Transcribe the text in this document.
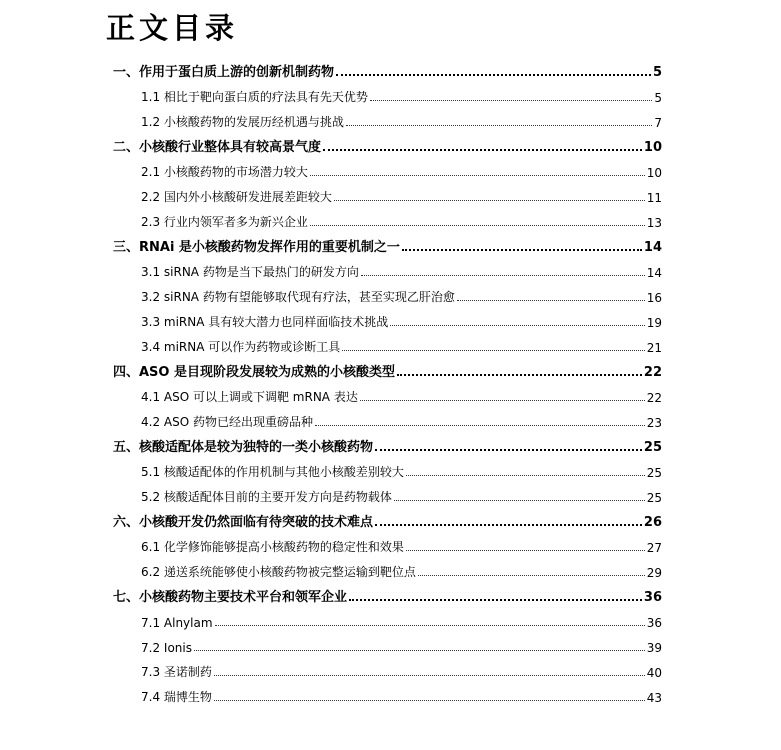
正文目录
一、作用于蛋白质上游的创新机制药物	5
1.1 相比于靶向蛋白质的疗法具有先天优势	5
1.2 小核酸药物的发展历经机遇与挑战	7
二、小核酸行业整体具有较高景气度	10
2.1 小核酸药物的市场潜力较大	10
2.2 国内外小核酸研发进展差距较大	11
2.3 行业内领军者多为新兴企业	13
三、RNAi 是小核酸药物发挥作用的重要机制之一	14
3.1 siRNA 药物是当下最热门的研发方向	14
3.2 siRNA 药物有望能够取代现有疗法，甚至实现乙肝治愈	16
3.3 miRNA 具有较大潜力也同样面临技术挑战	19
3.4 miRNA 可以作为药物或诊断工具	21
四、ASO 是目现阶段发展较为成熟的小核酸类型	22
4.1 ASO 可以上调或下调靶 mRNA 表达	22
4.2 ASO 药物已经出现重磅品种	23
五、核酸适配体是较为独特的一类小核酸药物	25
5.1 核酸适配体的作用机制与其他小核酸差别较大	25
5.2 核酸适配体目前的主要开发方向是药物载体	25
六、小核酸开发仍然面临有待突破的技术难点	26
6.1 化学修饰能够提高小核酸药物的稳定性和效果	27
6.2 递送系统能够使小核酸药物被完整运输到靶位点	29
七、小核酸药物主要技术平台和领军企业	36
7.1 Alnylam	36
7.2 Ionis	39
7.3 圣诺制药	40
7.4 瑞博生物	43
